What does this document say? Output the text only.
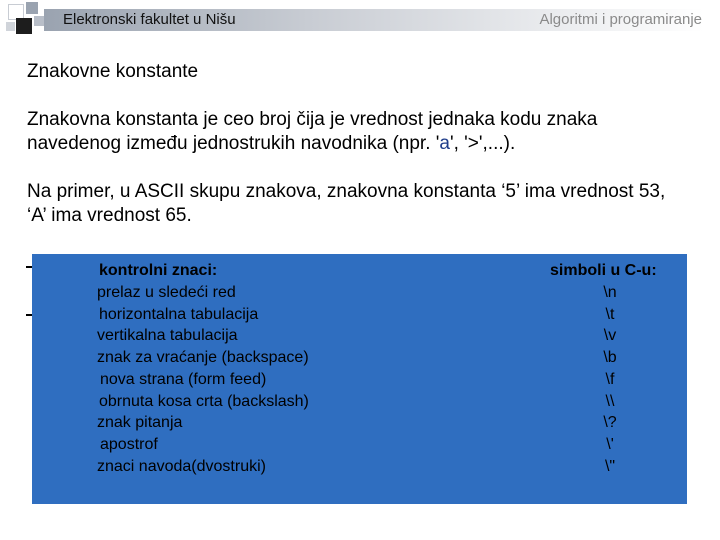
Elektronski fakultet u Nišu	Algoritmi i programiranje
Znakovne konstante

Znakovna konstanta je ceo broj čija je vrednost jednaka kodu znaka
navedenog između jednostrukih navodnika (npr. 'a', '>',...).

Na primer, u ASCII skupu znakova, znakovna konstanta ‘5’ ima vrednost 53,
‘A’ ima vrednost 65.

kontrolni znaci:	simboli u C-u:
prelaz u sledeći red	\n
horizontalna tabulacija	\t
vertikalna tabulacija	\v
znak za vraćanje (backspace)	\b
nova strana (form feed)	\f
obrnuta kosa crta (backslash)	\\
znak pitanja	\?
apostrof	\'
znaci navoda(dvostruki)	\"
